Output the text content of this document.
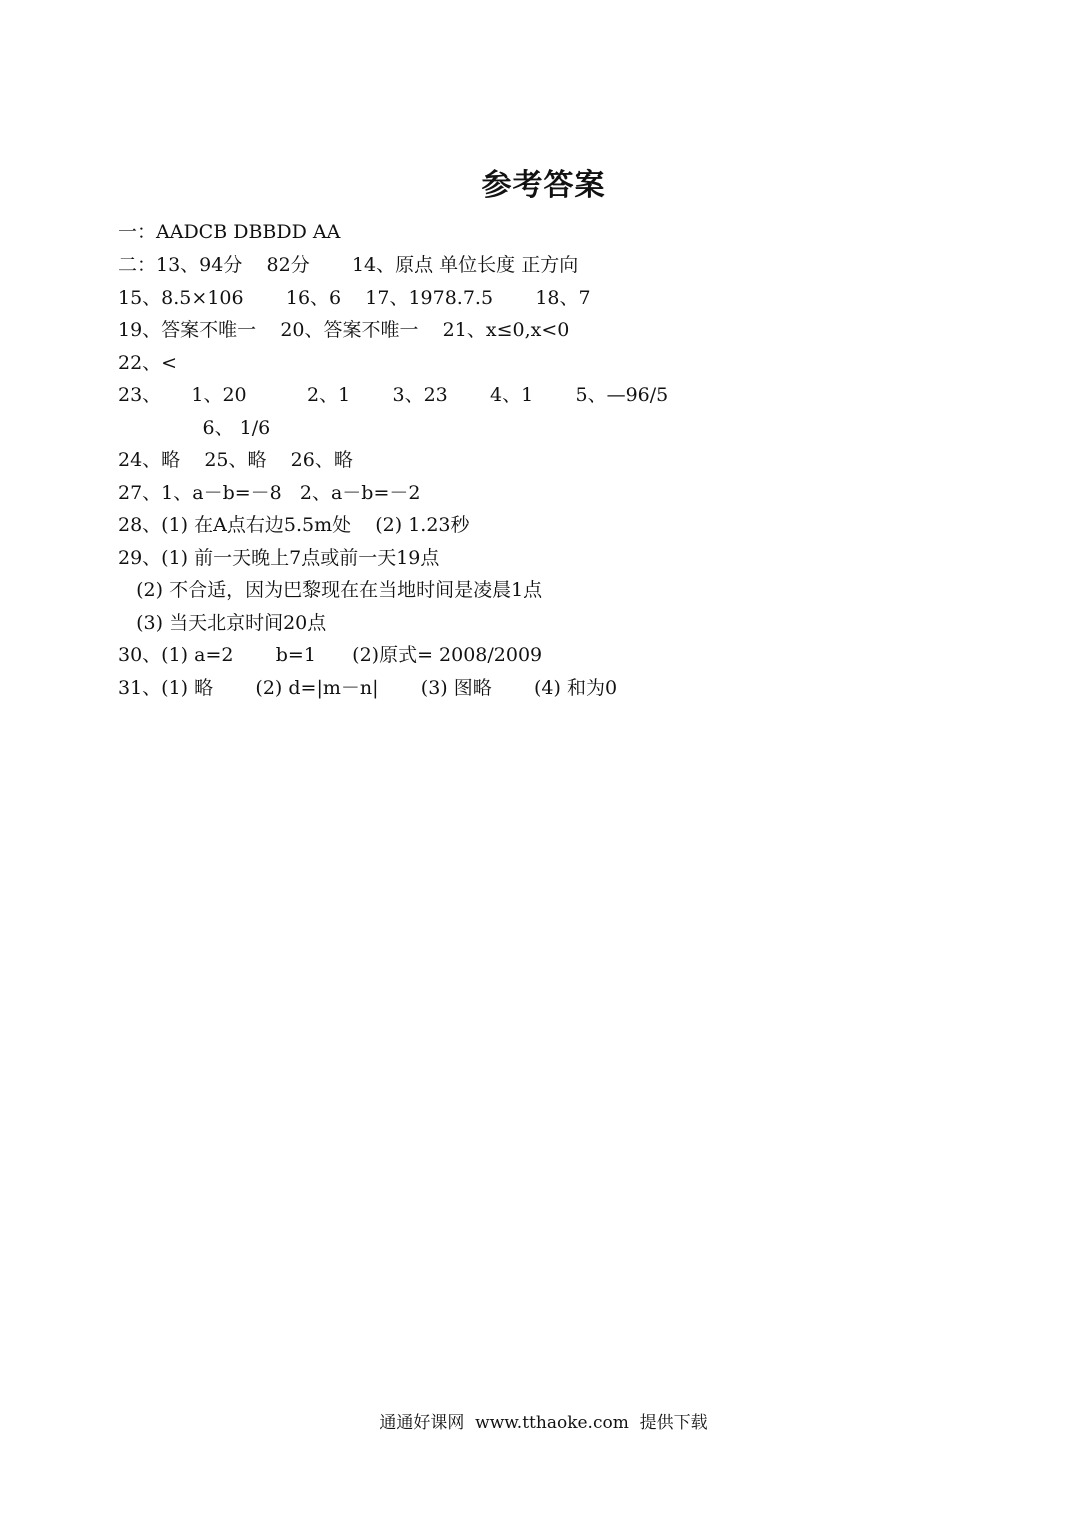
参考答案
一：AADCB DBBDD AA
二：13、94分    82分       14、原点 单位长度 正方向
15、8.5×106       16、6    17、1978.7.5       18、7
19、答案不唯一    20、答案不唯一    21、x≤0,x<0
22、<
23、     1、20          2、1       3、23       4、1       5、—96/5
6、 1/6
24、略    25、略    26、略
27、1、a－b=－8   2、a－b=－2
28、(1) 在A点右边5.5m处    (2) 1.23秒
29、(1) 前一天晚上7点或前一天19点
(2) 不合适，因为巴黎现在在当地时间是凌晨1点
(3) 当天北京时间20点
30、(1) a=2       b=1      (2)原式= 2008/2009
31、(1) 略       (2) d=|m－n|       (3) 图略       (4) 和为0
通通好课网  www.tthaoke.com  提供下载
